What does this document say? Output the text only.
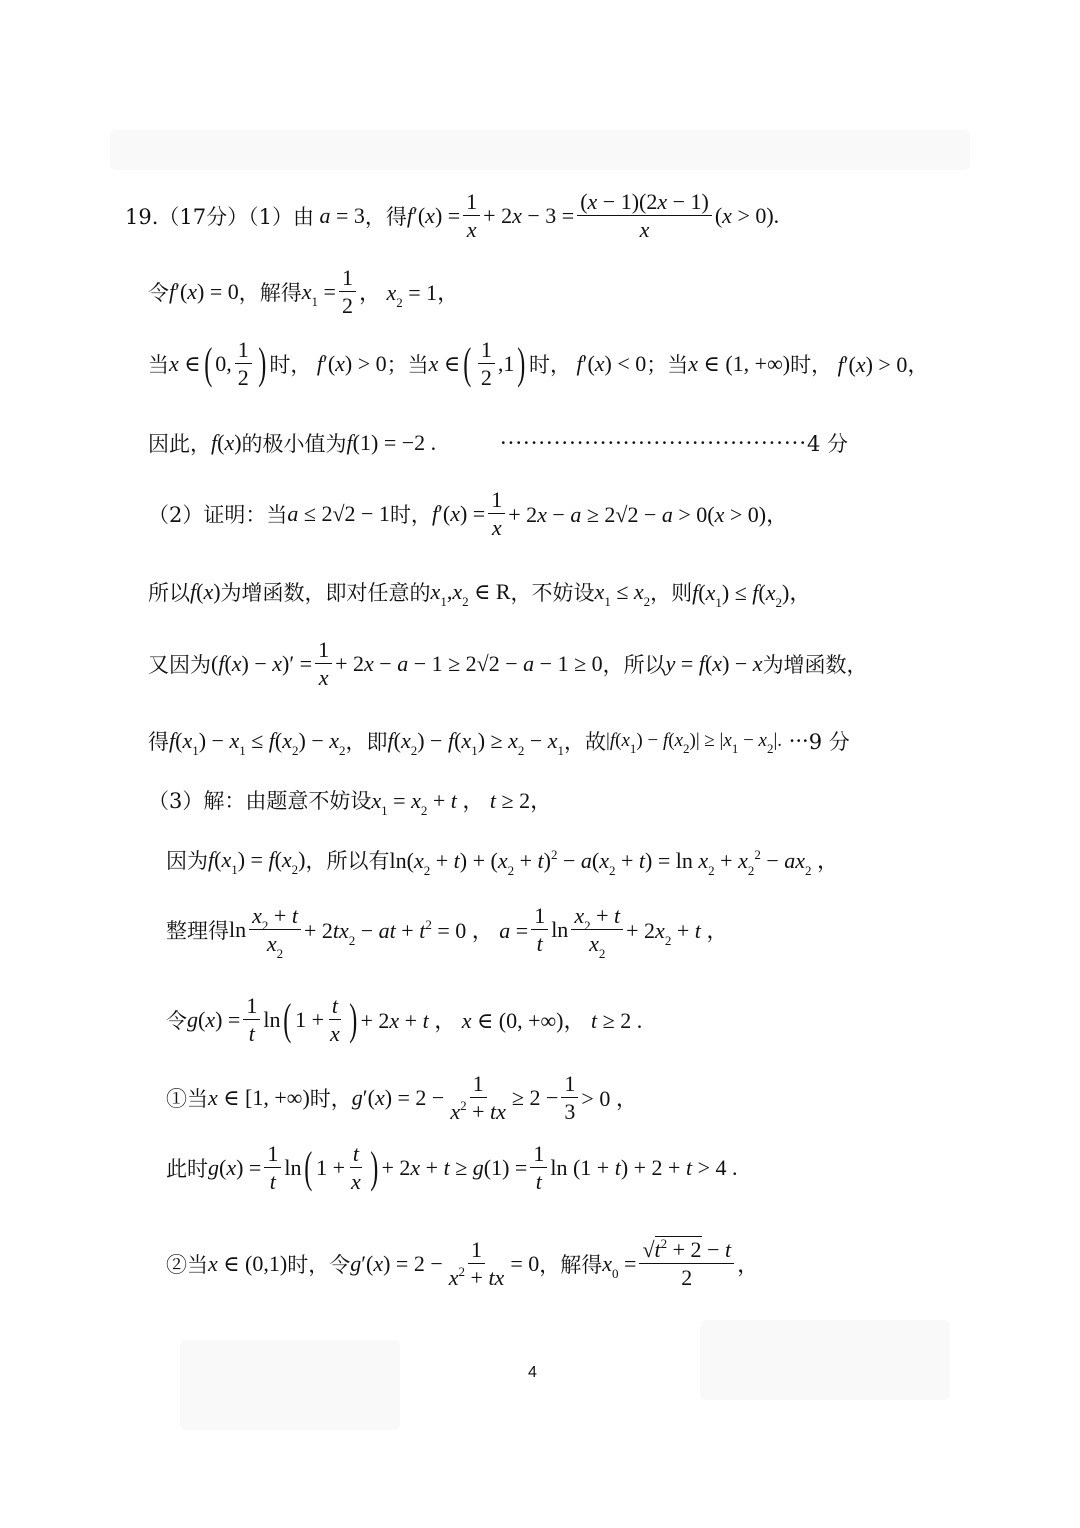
19.（17分）（1）由 a = 3 ，得 $f'(x) = \frac{1}{x} + 2x - 3 = \frac{(x - 1)(2x - 1)}{x} (x > 0)$.
令 f′(x) = 0 ，解得 $x_1 = \frac{1}{2}$ ， $x_2 = 1$，
当 x ∈ ( 0, $\frac{1}{2}$ ) 时， f′(x) > 0 ；当 x ∈ ( $\frac{1}{2} ,1$ ) 时， f′(x) < 0 ；当 x ∈ (1, +∞) 时， f′(x) > 0，
因此， f(x) 的极小值为 f(1) = −2 .	········································ 4 分
（2）证明：当 a ≤ 2√2 − 1 时， $f'(x) = \frac{1}{x} + 2x - a \ge 2√2 - a > 0(x > 0)$，
所以 f(x) 为增函数，即对任意的 $x_1,x_2$ ∈ R ，不妨设 $x_1 \le x_2$ ，则 $f(x_1) \le f(x_2)$，
又因为 $(f(x) - x)' = \frac{1}{x} + 2x - a - 1 \ge 2√2 - a - 1 \ge 0$ ，所以 y = f(x) − x 为增函数，
得 $f(x_1) - x_1 \le f(x_2) - x_2$ ，即 $f(x_2) - f(x_1) \ge x_2 - x_1$ ，故 $|f(x_1) - f(x_2)| \ge |x_1 - x_2|$. ··· 9 分
（3）解：由题意不妨设 $x_1 = x_2 + t$ ， t ≥ 2，
因为 $f(x_1) = f(x_2)$ ，所以有 $\ln(x_2 + t) + (x_2 + t)^2 - a(x_2 + t) = \ln x_2 + x_2^2 - ax_2$ ，
整理得 $\ln \frac{x_2 + t}{x_2} + 2tx_2$ − at + $t^2 = 0$ ， $a = \frac{1}{t}$ $\ln \frac{x_2 + t}{x_2} + 2x_2 + t$ ，
令 $g(x) = \frac{1}{t}$ ln ( $1 + \frac{t}{x}$ ) + 2x + t ， x ∈ (0, +∞)， t ≥ 2 .
①当 x ∈ [1, +∞) 时， $g'(x) = 2 - \frac{1}{x^2 + tx} \ge 2 - \frac{1}{3} > 0$ ，
此时 $g(x) = \frac{1}{t}$ ln ( $1 + \frac{t}{x}$ ) + $2x + t \ge g(1) = \frac{1}{t}$ ln (1 + t) + 2 + t > 4 .
②当 x ∈ (0,1) 时，令 $g'(x) = 2 - \frac{1}{x^2 + tx} = 0$ ，解得 $x_0 = \frac{√t^2 + 2 - t}{2}$ ，
4
